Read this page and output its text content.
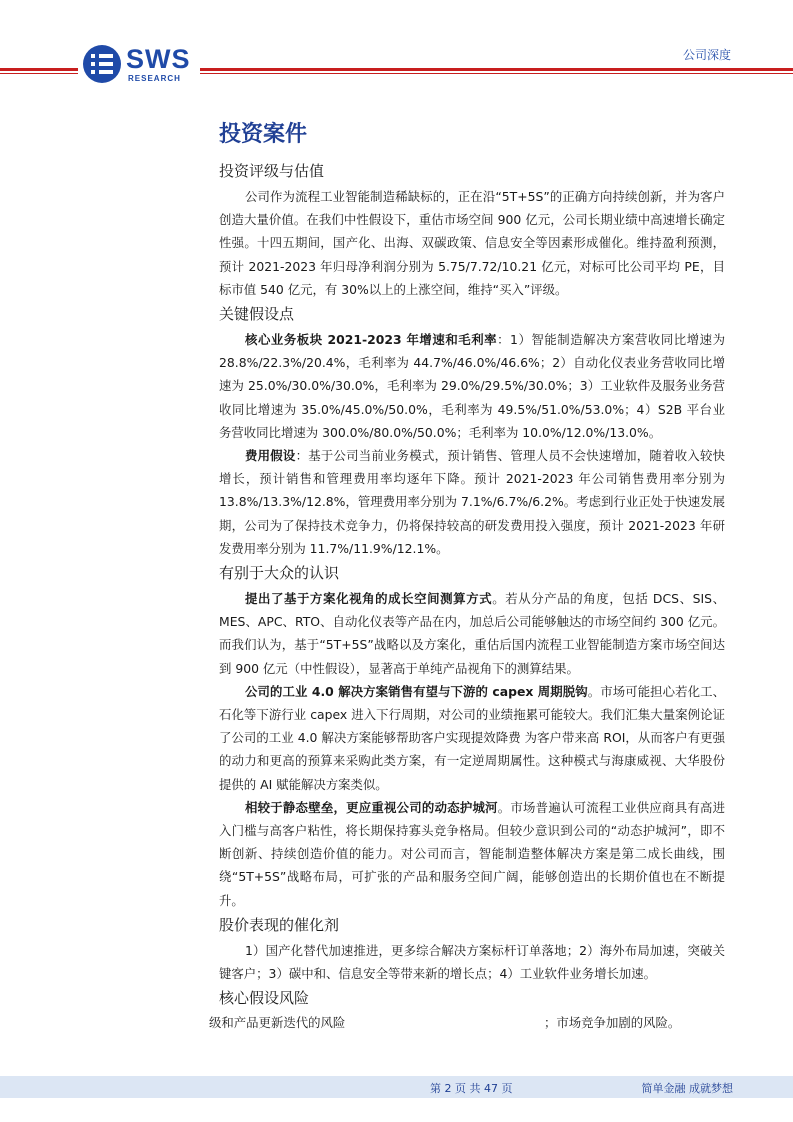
SWS
RESEARCH
公司深度
投资案件
投资评级与估值

公司作为流程工业智能制造稀缺标的，正在沿“5T+5S”的正确方向持续创新，并为客户创造大量价值。在我们中性假设下，重估市场空间 900 亿元，公司长期业绩中高速增长确定性强。十四五期间，国产化、出海、双碳政策、信息安全等因素形成催化。维持盈利预测，预计 2021-2023 年归母净利润分别为 5.75/7.72/10.21 亿元，对标可比公司平均 PE，目标市值 540 亿元，有 30%以上的上涨空间，维持“买入”评级。

关键假设点

核心业务板块 2021-2023 年增速和毛利率：1）智能制造解决方案营收同比增速为 28.8%/22.3%/20.4%，毛利率为 44.7%/46.0%/46.6%；2）自动化仪表业务营收同比增速为 25.0%/30.0%/30.0%，毛利率为 29.0%/29.5%/30.0%；3）工业软件及服务业务营收同比增速为 35.0%/45.0%/50.0%，毛利率为 49.5%/51.0%/53.0%；4）S2B 平台业务营收同比增速为 300.0%/80.0%/50.0%；毛利率为 10.0%/12.0%/13.0%。

费用假设：基于公司当前业务模式，预计销售、管理人员不会快速增加，随着收入较快增长，预计销售和管理费用率均逐年下降。预计 2021-2023 年公司销售费用率分别为 13.8%/13.3%/12.8%，管理费用率分别为 7.1%/6.7%/6.2%。考虑到行业正处于快速发展期，公司为了保持技术竞争力，仍将保持较高的研发费用投入强度，预计 2021-2023 年研发费用率分别为 11.7%/11.9%/12.1%。

有别于大众的认识

提出了基于方案化视角的成长空间测算方式。若从分产品的角度，包括 DCS、SIS、MES、APC、RTO、自动化仪表等产品在内，加总后公司能够触达的市场空间约 300 亿元。而我们认为，基于“5T+5S”战略以及方案化，重估后国内流程工业智能制造方案市场空间达到 900 亿元（中性假设），显著高于单纯产品视角下的测算结果。

公司的工业 4.0 解决方案销售有望与下游的 capex 周期脱钩。市场可能担心若化工、石化等下游行业 capex 进入下行周期，对公司的业绩拖累可能较大。我们汇集大量案例论证了公司的工业 4.0 解决方案能够帮助客户实现提效降费 为客户带来高 ROI，从而客户有更强的动力和更高的预算来采购此类方案，有一定逆周期属性。这种模式与海康威视、大华股份提供的 AI 赋能解决方案类似。

相较于静态壁垒，更应重视公司的动态护城河。市场普遍认可流程工业供应商具有高进入门槛与高客户粘性，将长期保持寡头竞争格局。但较少意识到公司的“动态护城河”，即不断创新、持续创造价值的能力。对公司而言，智能制造整体解决方案是第二成长曲线，围绕“5T+5S”战略布局，可扩张的产品和服务空间广阔，能够创造出的长期价值也在不断提升。

股价表现的催化剂

1）国产化替代加速推进，更多综合解决方案标杆订单落地；2）海外布局加速，突破关键客户；3）碳中和、信息安全等带来新的增长点；4）工业软件业务增长加速。

核心假设风险
级和产品更新迭代的风险	；市场竞争加剧的风险。
第 2 页 共 47 页	简单金融 成就梦想
